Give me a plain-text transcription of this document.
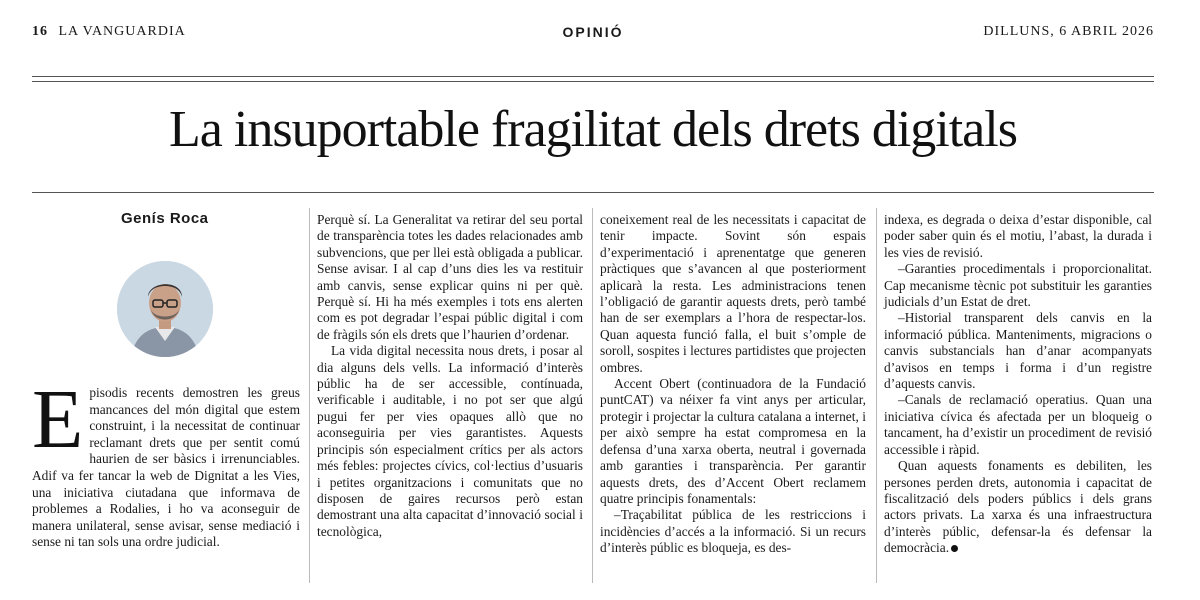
16 LA VANGUARDIA	OPINIÓ	DILLUNS, 6 ABRIL 2026
La insuportable fragilitat dels drets digitals
Genís Roca
E pisodis recents demostren les greus mancances del món digital que estem construint, i la necessitat de continuar reclamant drets que per sentit comú haurien de ser bàsics i irrenunciables. Adif va fer tancar la web de Dignitat a les Vies, una iniciativa ciutadana que informava de problemes a Rodalies, i ho va aconseguir de manera unilateral, sense avisar, sense mediació i sense ni tan sols una ordre judicial.

Perquè sí. La Generalitat va retirar del seu portal de transparència totes les dades relacionades amb subvencions, que per llei està obligada a publicar. Sense avisar. I al cap d’uns dies les va restituir amb canvis, sense explicar quins ni per què. Perquè sí. Hi ha més exemples i tots ens alerten com es pot degradar l’espai públic digital i com de fràgils són els drets que l’haurien d’ordenar.

La vida digital necessita nous drets, i posar al dia alguns dels vells. La informació d’interès públic ha de ser accessible, contínuada, verificable i auditable, i no pot ser que algú pugui fer per vies opaques allò que no aconseguiria per vies garantistes. Aquests principis són especialment crítics per als actors més febles: projectes cívics, col·lectius d’usuaris i petites organitzacions i comunitats que no disposen de gaires recursos però estan demostrant una alta capacitat d’innovació social i tecnològica,

coneixement real de les necessitats i capacitat de tenir impacte. Sovint són espais d’experimentació i aprenentatge que generen pràctiques que s’avancen al que posteriorment aplicarà la resta. Les administracions tenen l’obligació de garantir aquests drets, però també han de ser exemplars a l’hora de respectar-los. Quan aquesta funció falla, el buit s’omple de soroll, sospites i lectures partidistes que projecten ombres.

Accent Obert (continuadora de la Fundació puntCAT) va néixer fa vint anys per articular, protegir i projectar la cultura catalana a internet, i per això sempre ha estat compromesa en la defensa d’una xarxa oberta, neutral i governada amb garanties i transparència. Per garantir aquests drets, des d’Accent Obert reclamem quatre principis fonamentals:

–Traçabilitat pública de les restriccions i incidències d’accés a la informació. Si un recurs d’interès públic es bloqueja, es des-

indexa, es degrada o deixa d’estar disponible, cal poder saber quin és el motiu, l’abast, la durada i les vies de revisió.

–Garanties procedimentals i proporcionalitat. Cap mecanisme tècnic pot substituir les garanties judicials d’un Estat de dret.

–Historial transparent dels canvis en la informació pública. Manteniments, migracions o canvis substancials han d’anar acompanyats d’avisos en temps i forma i d’un registre d’aquests canvis.

–Canals de reclamació operatius. Quan una iniciativa cívica és afectada per un bloqueig o tancament, ha d’existir un procediment de revisió accessible i ràpid.

Quan aquests fonaments es debiliten, les persones perden drets, autonomia i capacitat de fiscalització dels poders públics i dels grans actors privats. La xarxa és una infraestructura d’interès públic, defensar-la és defensar la democràcia.
